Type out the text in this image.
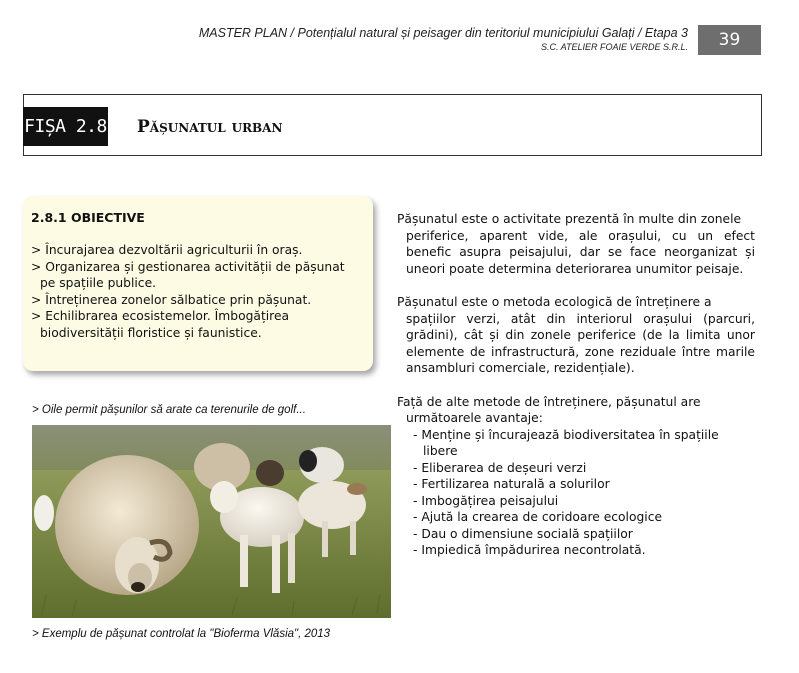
MASTER PLAN / Potențialul natural și peisager din teritoriul municipiului Galați / Etapa 3
S.C. ATELIER FOAIE VERDE S.R.L.	39
FIȘA 2.8 Pășunatul urban
2.8.1 OBIECTIVE
> Încurajarea dezvoltării agriculturii în oraș.
> Organizarea și gestionarea activității de pășunat pe spațiile publice.
> Întreținerea zonelor sălbatice prin pășunat.
> Echilibrarea ecosistemelor. Îmbogățirea biodiversității floristice și faunistice.
> Oile permit pășunilor să arate ca terenurile de golf...
> Exemplu de pășunat controlat la "Bioferma Vlăsia", 2013
Pășunatul este o activitate prezentă în multe din zonele
periferice, aparent vide, ale orașului, cu un efect benefic asupra peisajului, dar se face neorganizat și uneori poate determina deteriorarea unumitor peisaje.
Pășunatul este o metoda ecologică de întreținere a
spațiilor verzi, atât din interiorul orașului (parcuri, grădini), cât și din zonele periferice (de la limita unor elemente de infrastructură, zone reziduale între marile ansambluri comerciale, rezidențiale).
Față de alte metode de întreținere, pășunatul are
următoarele avantaje:
- Menține și încurajează biodiversitatea în spațiile libere
- Eliberarea de deșeuri verzi
- Fertilizarea naturală a solurilor
- Imbogățirea peisajului
- Ajută la crearea de coridoare ecologice
- Dau o dimensiune socială spațiilor
- Impiedică împădurirea necontrolată.
